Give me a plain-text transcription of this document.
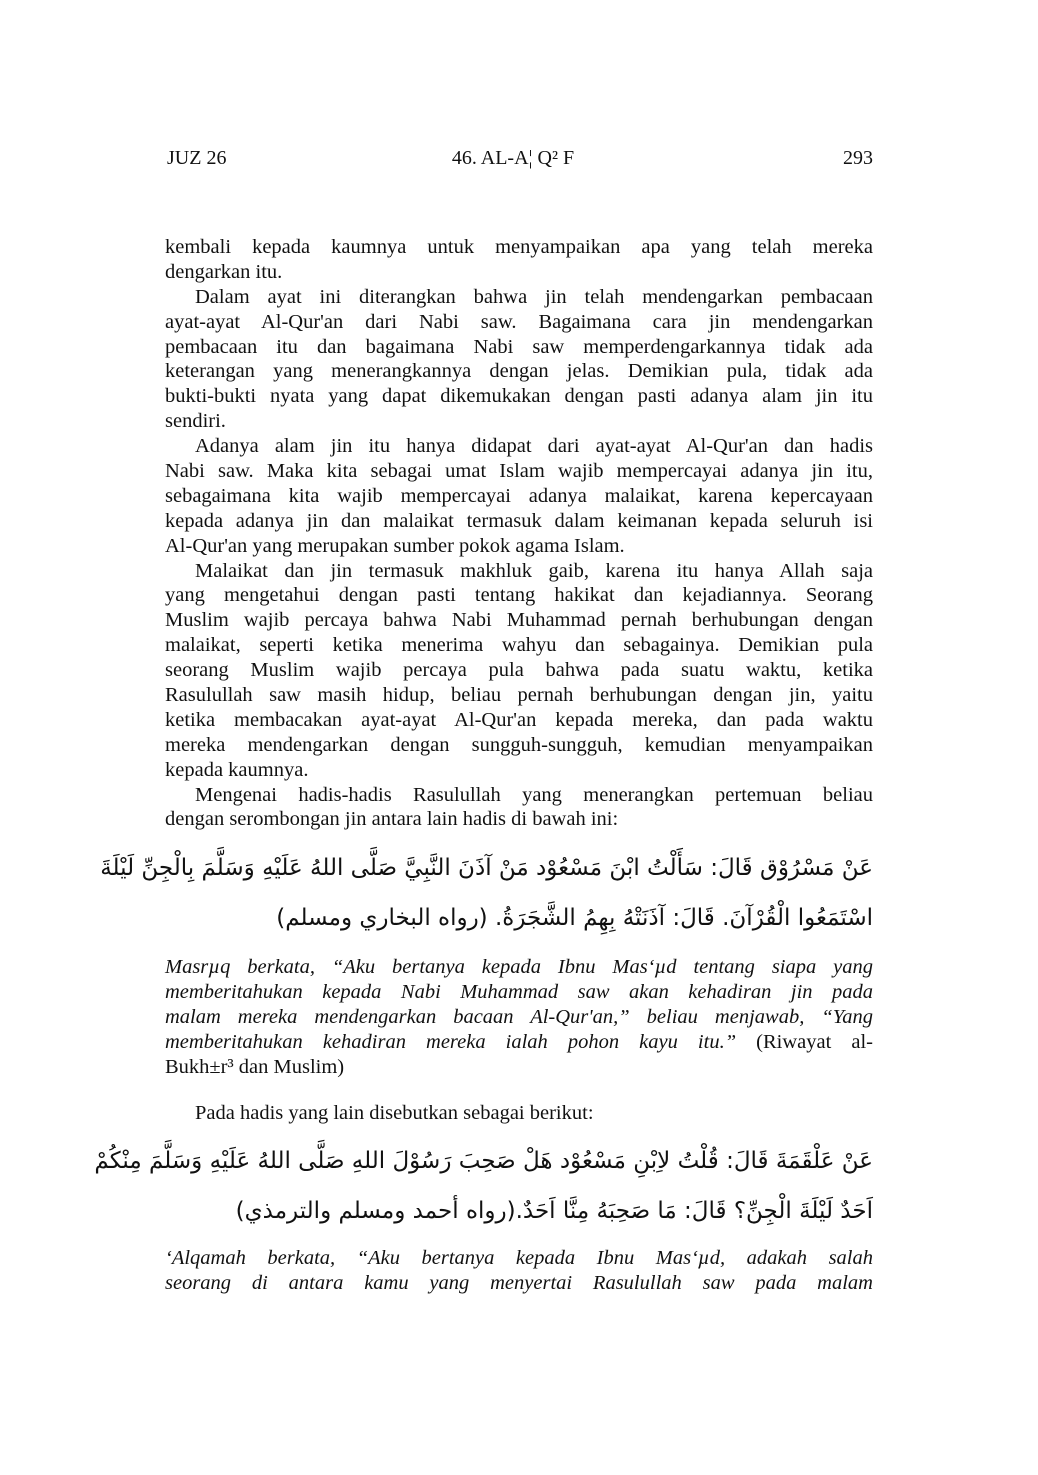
JUZ 26	46. AL-A¦ Q² F	293
kembali kepada kaumnya untuk menyampaikan apa yang telah mereka
dengarkan itu.
Dalam ayat ini diterangkan bahwa jin telah mendengarkan pembacaan
ayat-ayat Al-Qur'an dari Nabi saw. Bagaimana cara jin mendengarkan
pembacaan itu dan bagaimana Nabi saw memperdengarkannya tidak ada
keterangan yang menerangkannya dengan jelas. Demikian pula, tidak ada
bukti-bukti nyata yang dapat dikemukakan dengan pasti adanya alam jin itu
sendiri.
Adanya alam jin itu hanya didapat dari ayat-ayat Al-Qur'an dan hadis
Nabi saw. Maka kita sebagai umat Islam wajib mempercayai adanya jin itu,
sebagaimana kita wajib mempercayai adanya malaikat, karena kepercayaan
kepada adanya jin dan malaikat termasuk dalam keimanan kepada seluruh isi
Al-Qur'an yang merupakan sumber pokok agama Islam.
Malaikat dan jin termasuk makhluk gaib, karena itu hanya Allah saja
yang mengetahui dengan pasti tentang hakikat dan kejadiannya. Seorang
Muslim wajib percaya bahwa Nabi Muhammad pernah berhubungan dengan
malaikat, seperti ketika menerima wahyu dan sebagainya. Demikian pula
seorang Muslim wajib percaya pula bahwa pada suatu waktu, ketika
Rasulullah saw masih hidup, beliau pernah berhubungan dengan jin, yaitu
ketika membacakan ayat-ayat Al-Qur'an kepada mereka, dan pada waktu
mereka mendengarkan dengan sungguh-sungguh, kemudian menyampaikan
kepada kaumnya.
Mengenai hadis-hadis Rasulullah yang menerangkan pertemuan beliau
dengan serombongan jin antara lain hadis di bawah ini:
عَنْ مَسْرُوْق قَالَ: سَأَلْتُ ابْنَ مَسْعُوْد مَنْ آذَنَ النَّبِيَّ صَلَّى اللهُ عَلَيْهِ وَسَلَّمَ بِالْجِنِّ لَيْلَةَ
اسْتَمَعُوا الْقُرْآنَ. قَالَ: آذَنَتْهُ بِهِمُ الشَّجَرَةُ. (رواه البخاري ومسلم)
Masrµq berkata, “Aku bertanya kepada Ibnu Mas‘µd tentang siapa yang
memberitahukan kepada Nabi Muhammad saw akan kehadiran jin pada
malam mereka mendengarkan bacaan Al-Qur'an,” beliau menjawab, “Yang
memberitahukan kehadiran mereka ialah pohon kayu itu.” (Riwayat al-
Bukh±r³ dan Muslim)
Pada hadis yang lain disebutkan sebagai berikut:
عَنْ عَلْقَمَةَ قَالَ: قُلْتُ لاِبْنِ مَسْعُوْد هَلْ صَحِبَ رَسُوْلَ اللهِ صَلَّى اللهُ عَلَيْهِ وَسَلَّمَ مِنْكُمْ
اَحَدٌ لَيْلَةَ الْجِنِّ؟ قَالَ: مَا صَحِبَهُ مِنَّا اَحَدٌ.(رواه أحمد ومسلم والترمذي)
‘Alqamah berkata, “Aku bertanya kepada Ibnu Mas‘µd, adakah salah
seorang di antara kamu yang menyertai Rasulullah saw pada malam
